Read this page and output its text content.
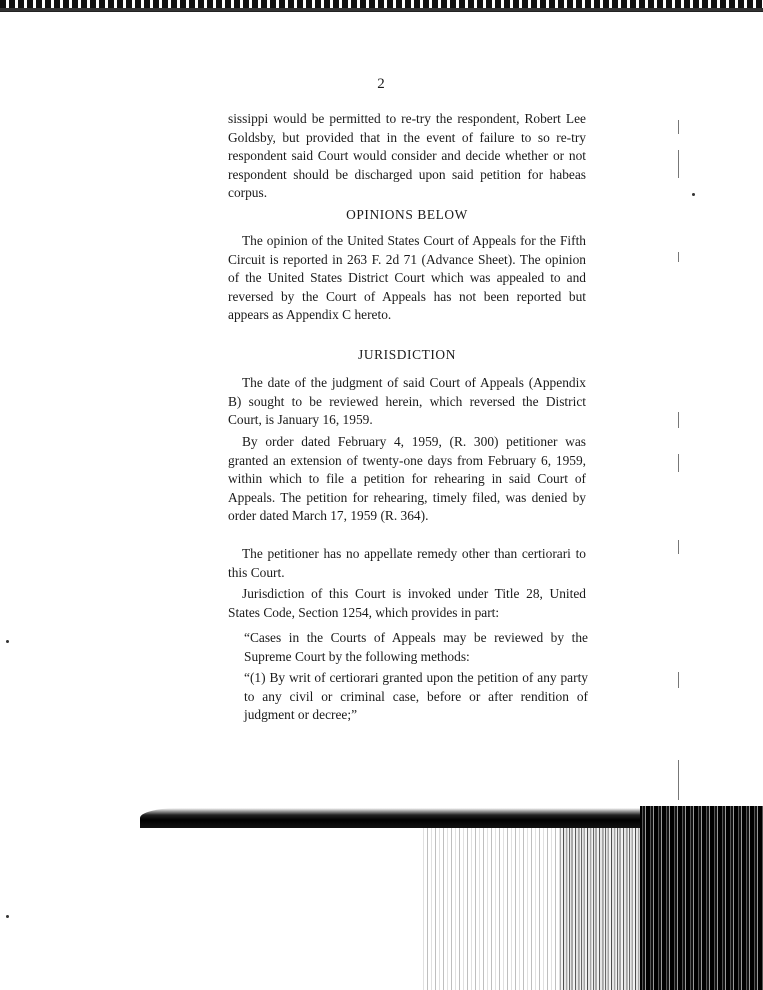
2

sissippi would be permitted to re-try the respondent, Robert Lee Goldsby, but provided that in the event of failure to so re-try respondent said Court would consider and decide whether or not respondent should be discharged upon said petition for habeas corpus.

OPINIONS BELOW

The opinion of the United States Court of Appeals for the Fifth Circuit is reported in 263 F. 2d 71 (Advance Sheet). The opinion of the United States District Court which was appealed to and reversed by the Court of Appeals has not been reported but appears as Appendix C hereto.

JURISDICTION

The date of the judgment of said Court of Appeals (Appendix B) sought to be reviewed herein, which reversed the District Court, is January 16, 1959.

By order dated February 4, 1959, (R. 300) petitioner was granted an extension of twenty-one days from February 6, 1959, within which to file a petition for rehearing in said Court of Appeals. The petition for rehearing, timely filed, was denied by order dated March 17, 1959 (R. 364).

The petitioner has no appellate remedy other than certiorari to this Court.

Jurisdiction of this Court is invoked under Title 28, United States Code, Section 1254, which provides in part:

“Cases in the Courts of Appeals may be reviewed by the Supreme Court by the following methods:

“(1) By writ of certiorari granted upon the petition of any party to any civil or criminal case, before or after rendition of judgment or decree;”
